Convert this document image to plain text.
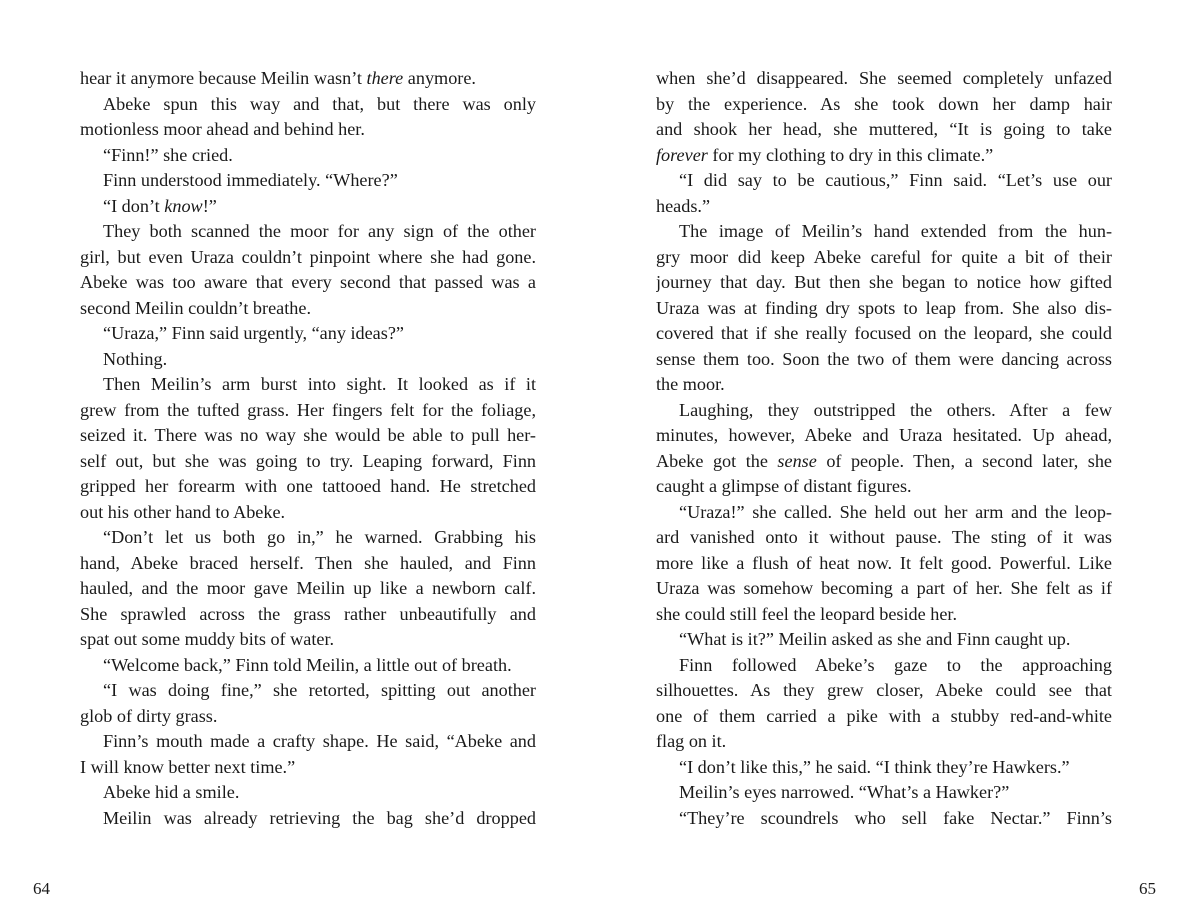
hear it anymore because Meilin wasn’t there anymore.
Abeke spun this way and that, but there was only
motionless moor ahead and behind her.
“Finn!” she cried.
Finn understood immediately. “Where?”
“I don’t know!”
They both scanned the moor for any sign of the other
girl, but even Uraza couldn’t pinpoint where she had gone.
Abeke was too aware that every second that passed was a
second Meilin couldn’t breathe.
“Uraza,” Finn said urgently, “any ideas?”
Nothing.
Then Meilin’s arm burst into sight. It looked as if it
grew from the tufted grass. Her fingers felt for the foliage,
seized it. There was no way she would be able to pull her-
self out, but she was going to try. Leaping forward, Finn
gripped her forearm with one tattooed hand. He stretched
out his other hand to Abeke.
“Don’t let us both go in,” he warned. Grabbing his
hand, Abeke braced herself. Then she hauled, and Finn
hauled, and the moor gave Meilin up like a newborn calf.
She sprawled across the grass rather unbeautifully and
spat out some muddy bits of water.
“Welcome back,” Finn told Meilin, a little out of breath.
“I was doing fine,” she retorted, spitting out another
glob of dirty grass.
Finn’s mouth made a crafty shape. He said, “Abeke and
I will know better next time.”
Abeke hid a smile.
Meilin was already retrieving the bag she’d dropped
64
when she’d disappeared. She seemed completely unfazed
by the experience. As she took down her damp hair
and shook her head, she muttered, “It is going to take
forever for my clothing to dry in this climate.”
“I did say to be cautious,” Finn said. “Let’s use our
heads.”
The image of Meilin’s hand extended from the hun-
gry moor did keep Abeke careful for quite a bit of their
journey that day. But then she began to notice how gifted
Uraza was at finding dry spots to leap from. She also dis-
covered that if she really focused on the leopard, she could
sense them too. Soon the two of them were dancing across
the moor.
Laughing, they outstripped the others. After a few
minutes, however, Abeke and Uraza hesitated. Up ahead,
Abeke got the sense of people. Then, a second later, she
caught a glimpse of distant figures.
“Uraza!” she called. She held out her arm and the leop-
ard vanished onto it without pause. The sting of it was
more like a flush of heat now. It felt good. Powerful. Like
Uraza was somehow becoming a part of her. She felt as if
she could still feel the leopard beside her.
“What is it?” Meilin asked as she and Finn caught up.
Finn followed Abeke’s gaze to the approaching
silhouettes. As they grew closer, Abeke could see that
one of them carried a pike with a stubby red-and-white
flag on it.
“I don’t like this,” he said. “I think they’re Hawkers.”
Meilin’s eyes narrowed. “What’s a Hawker?”
“They’re scoundrels who sell fake Nectar.” Finn’s
65
